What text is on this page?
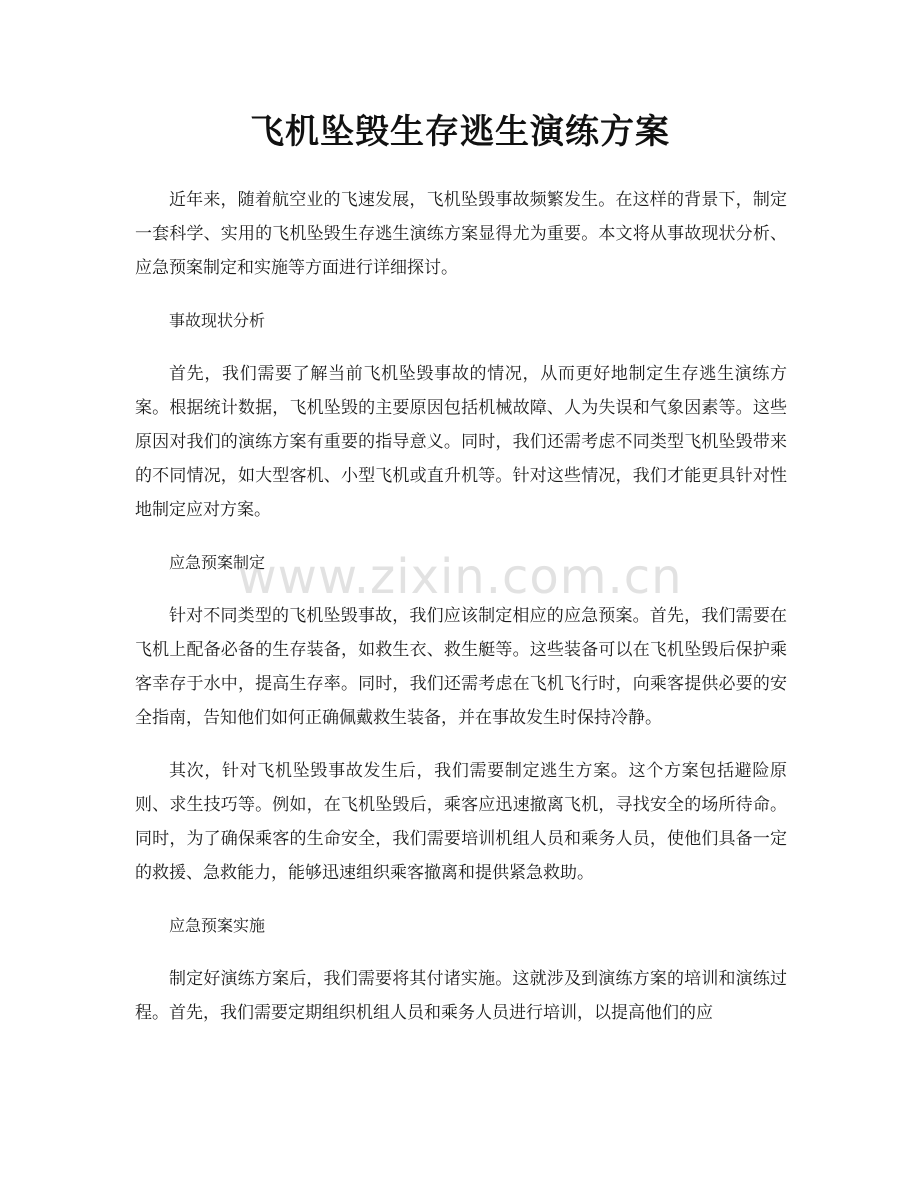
飞机坠毁生存逃生演练方案

近年来，随着航空业的飞速发展，飞机坠毁事故频繁发生。在这样的背景下，制定一套科学、实用的飞机坠毁生存逃生演练方案显得尤为重要。本文将从事故现状分析、应急预案制定和实施等方面进行详细探讨。

事故现状分析

首先，我们需要了解当前飞机坠毁事故的情况，从而更好地制定生存逃生演练方案。根据统计数据，飞机坠毁的主要原因包括机械故障、人为失误和气象因素等。这些原因对我们的演练方案有重要的指导意义。同时，我们还需考虑不同类型飞机坠毁带来的不同情况，如大型客机、小型飞机或直升机等。针对这些情况，我们才能更具针对性地制定应对方案。

应急预案制定

针对不同类型的飞机坠毁事故，我们应该制定相应的应急预案。首先，我们需要在飞机上配备必备的生存装备，如救生衣、救生艇等。这些装备可以在飞机坠毁后保护乘客幸存于水中，提高生存率。同时，我们还需考虑在飞机飞行时，向乘客提供必要的安全指南，告知他们如何正确佩戴救生装备，并在事故发生时保持冷静。

其次，针对飞机坠毁事故发生后，我们需要制定逃生方案。这个方案包括避险原则、求生技巧等。例如，在飞机坠毁后，乘客应迅速撤离飞机，寻找安全的场所待命。同时，为了确保乘客的生命安全，我们需要培训机组人员和乘务人员，使他们具备一定的救援、急救能力，能够迅速组织乘客撤离和提供紧急救助。

应急预案实施

制定好演练方案后，我们需要将其付诸实施。这就涉及到演练方案的培训和演练过程。首先，我们需要定期组织机组人员和乘务人员进行培训，以提高他们的应

www.zixin.com.cn
